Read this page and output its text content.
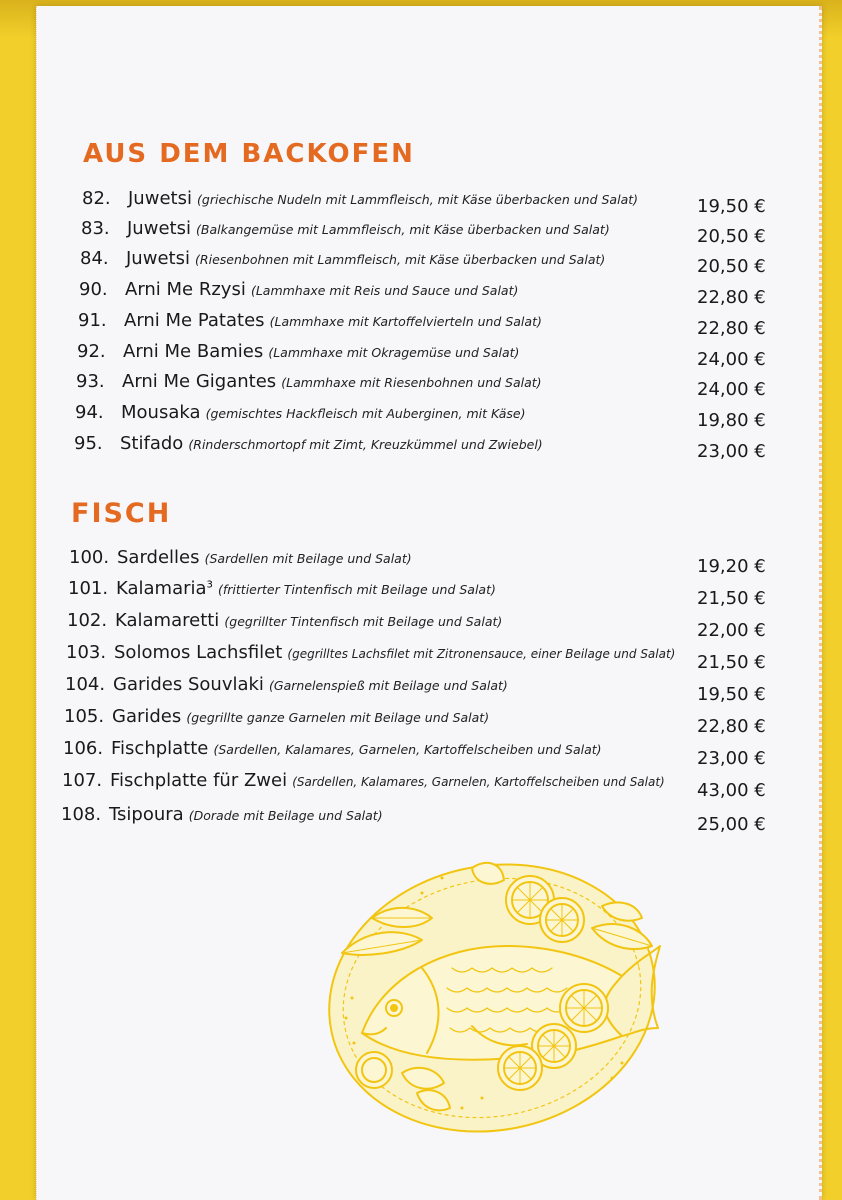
AUS DEM BACKOFEN
82. Juwetsi (griechische Nudeln mit Lammfleisch, mit Käse überbacken und Salat)	19,50 €
83. Juwetsi (Balkangemüse mit Lammfleisch, mit Käse überbacken und Salat)	20,50 €
84. Juwetsi (Riesenbohnen mit Lammfleisch, mit Käse überbacken und Salat)	20,50 €
90. Arni Me Rzysi (Lammhaxe mit Reis und Sauce und Salat)	22,80 €
91. Arni Me Patates (Lammhaxe mit Kartoffelvierteln und Salat)	22,80 €
92. Arni Me Bamies (Lammhaxe mit Okragemüse und Salat)	24,00 €
93. Arni Me Gigantes (Lammhaxe mit Riesenbohnen und Salat)	24,00 €
94. Mousaka (gemischtes Hackfleisch mit Auberginen, mit Käse)	19,80 €
95. Stifado (Rinderschmortopf mit Zimt, Kreuzkümmel und Zwiebel)	23,00 €
FISCH
100. Sardelles (Sardellen mit Beilage und Salat)	19,20 €
101. Kalamaria$^3$ (frittierter Tintenfisch mit Beilage und Salat)	21,50 €
102. Kalamaretti (gegrillter Tintenfisch mit Beilage und Salat)	22,00 €
103. Solomos Lachsfilet (gegrilltes Lachsfilet mit Zitronensauce, einer Beilage und Salat) 21,50 €
104. Garides Souvlaki (Garnelenspieß mit Beilage und Salat)	19,50 €
105. Garides (gegrillte ganze Garnelen mit Beilage und Salat)	22,80 €
106. Fischplatte (Sardellen, Kalamares, Garnelen, Kartoffelscheiben und Salat)	23,00 €
107. Fischplatte für Zwei (Sardellen, Kalamares, Garnelen, Kartoffelscheiben und Salat) 43,00 €
108. Tsipoura (Dorade mit Beilage und Salat)	25,00 €
